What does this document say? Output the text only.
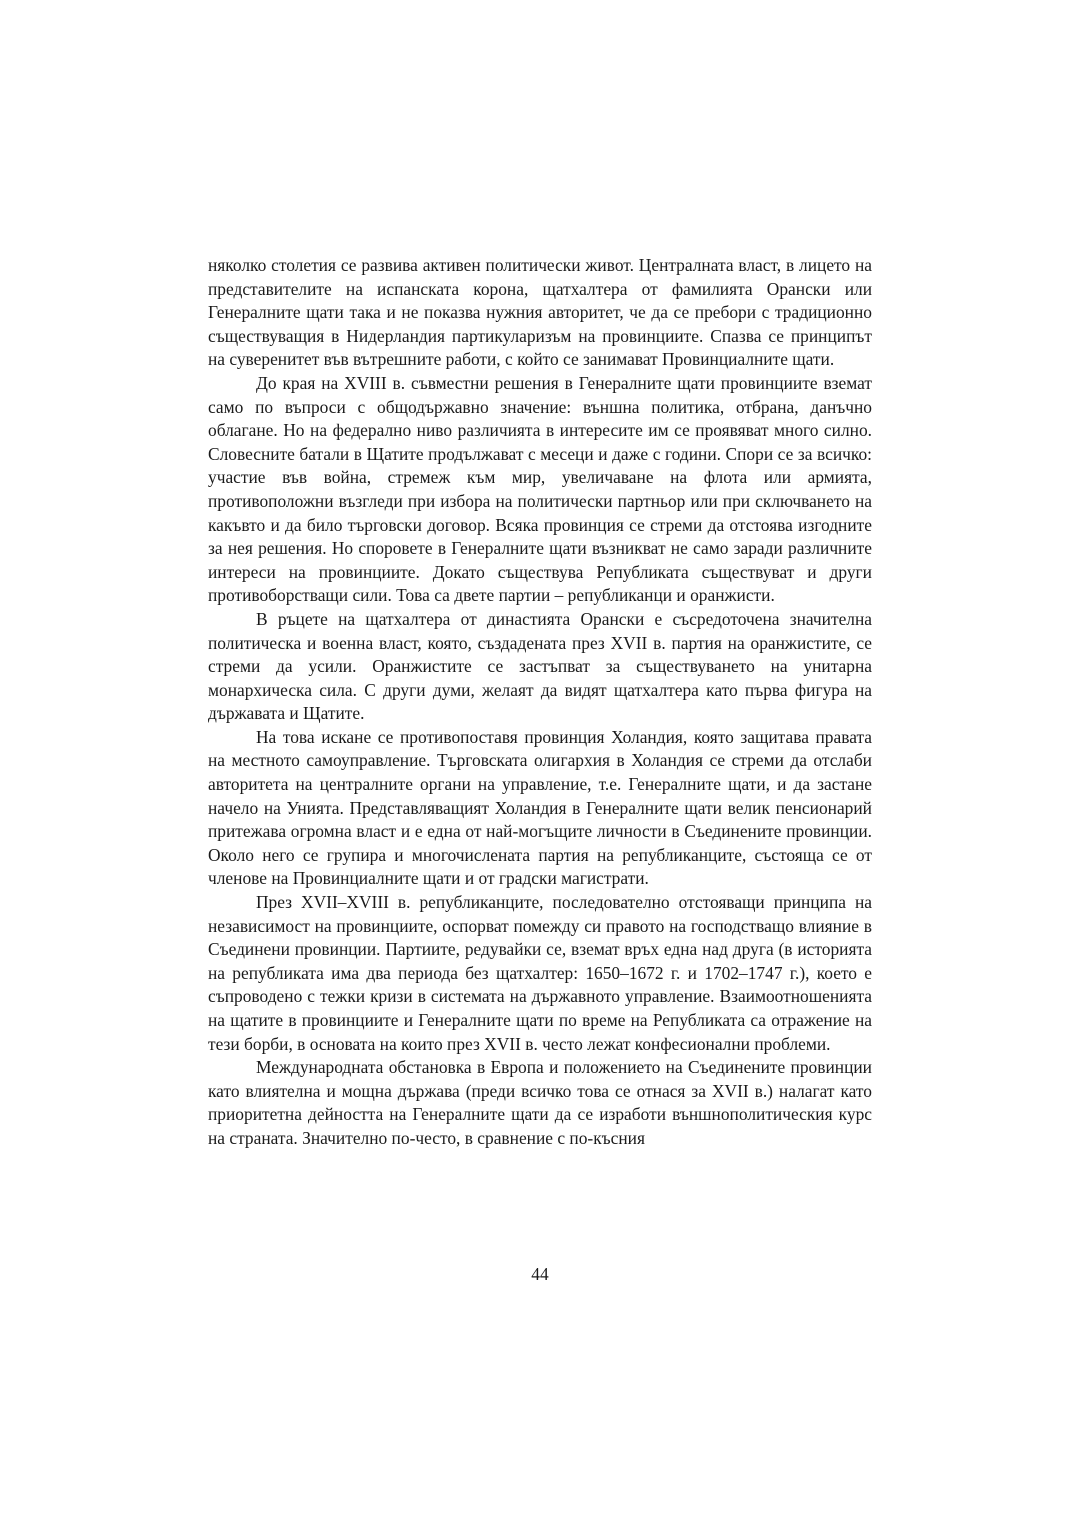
няколко столетия се развива активен политически живот. Централната власт, в лицето на представителите на испанската корона, щатхалтера от фамилията Орански или Генералните щати така и не показва нужния авторитет, че да се пребори с традиционно съществуващия в Нидерландия партикуларизъм на провинциите. Спазва се принципът на суверенитет във вътрешните работи, с който се занимават Провинциалните щати.

До края на XVIII в. съвместни решения в Генералните щати провинциите вземат само по въпроси с общодържавно значение: външна политика, отбрана, данъчно облагане. Но на федерално ниво различията в интересите им се проявяват много силно. Словесните батали в Щатите продължават с месеци и даже с години. Спори се за всичко: участие във война, стремеж към мир, увеличаване на флота или армията, противоположни възгледи при избора на политически партньор или при сключването на какъвто и да било търговски договор. Всяка провинция се стреми да отстоява изгодните за нея решения. Но споровете в Генералните щати възникват не само заради различните интереси на провинциите. Докато съществува Републиката съществуват и други противоборстващи сили. Това са двете партии – републиканци и оранжисти.

В ръцете на щатхалтера от династията Орански е съсредоточена значителна политическа и военна власт, която, създадената през XVII в. партия на оранжистите, се стреми да усили. Оранжистите се застъпват за съществуването на унитарна монархическа сила. С други думи, желаят да видят щатхалтера като първа фигура на държавата и Щатите.

На това искане се противопоставя провинция Холандия, която защитава правата на местното самоуправление. Търговската олигархия в Холандия се стреми да отслаби авторитета на централните органи на управление, т.е. Генералните щати, и да застане начело на Унията. Представляващият Холандия в Генералните щати велик пенсионарий притежава огромна власт и е една от най-могъщите личности в Съединените провинции. Около него се групира и многочислената партия на републиканците, състояща се от членове на Провинциалните щати и от градски магистрати.

През XVII–XVIII в. републиканците, последователно отстояващи принципа на независимост на провинциите, оспорват помежду си правото на господстващо влияние в Съединени провинции. Партиите, редувайки се, вземат връх една над друга (в историята на републиката има два периода без щатхалтер: 1650–1672 г. и 1702–1747 г.), което е съпроводено с тежки кризи в системата на държавното управление. Взаимоотношенията на щатите в провинциите и Генералните щати по време на Републиката са отражение на тези борби, в основата на които през XVII в. често лежат конфесионални проблеми.

Международната обстановка в Европа и положението на Съединените провинции като влиятелна и мощна държава (преди всичко това се отнася за XVII в.) налагат като приоритетна дейността на Генералните щати да се изработи външнополитическия курс на страната. Значително по-често, в сравнение с по-късния

44
